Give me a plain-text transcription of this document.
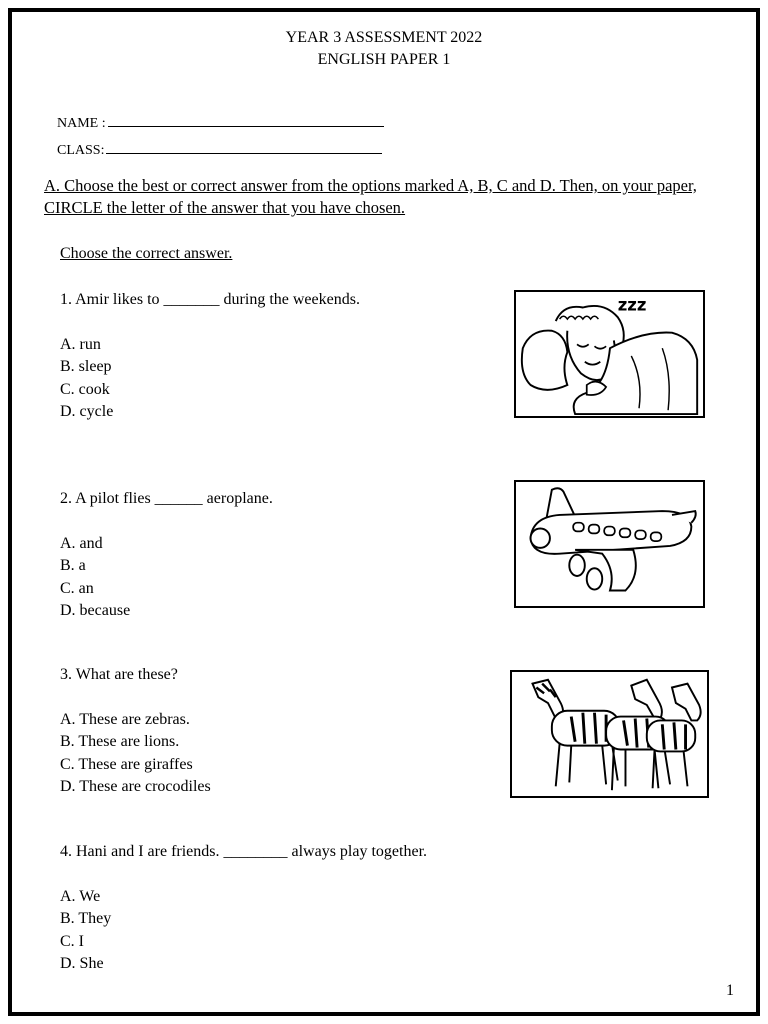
YEAR 3 ASSESSMENT 2022
ENGLISH PAPER 1

NAME :

CLASS:

A. Choose the best or correct answer from the options marked A, B, C and D. Then, on your paper, CIRCLE the letter of the answer that you have chosen.
Choose the correct answer.
1. Amir likes to _______ during the weekends.
A. run
B. sleep
C. cook
D. cycle
zzz
2. A pilot flies ______ aeroplane.
A. and
B. a
C. an
D. because
3. What are these?
A. These are zebras.
B. These are lions.
C. These are giraffes
D. These are crocodiles
4. Hani and I are friends. ________ always play together.
A. We
B. They
C. I
D. She
1
